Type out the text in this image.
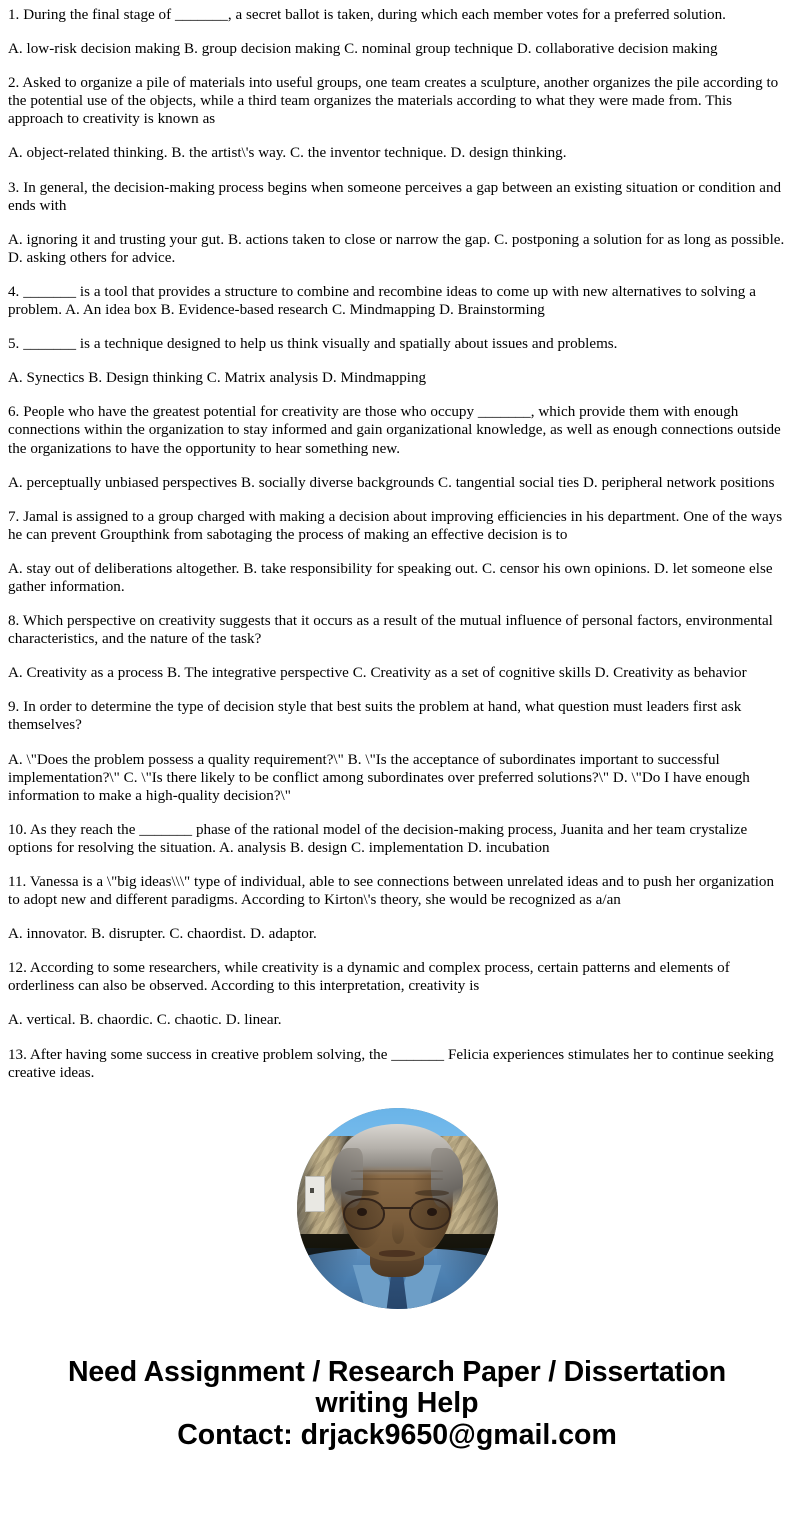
1. During the final stage of _______, a secret ballot is taken, during which each member votes for a preferred solution.

A. low-risk decision making B. group decision making C. nominal group technique D. collaborative decision making

2. Asked to organize a pile of materials into useful groups, one team creates a sculpture, another organizes the pile according to the potential use of the objects, while a third team organizes the materials according to what they were made from. This approach to creativity is known as

A. object-related thinking. B. the artist\'s way. C. the inventor technique. D. design thinking.

3. In general, the decision-making process begins when someone perceives a gap between an existing situation or condition and ends with

A. ignoring it and trusting your gut. B. actions taken to close or narrow the gap. C. postponing a solution for as long as possible. D. asking others for advice.

4. _______ is a tool that provides a structure to combine and recombine ideas to come up with new alternatives to solving a problem. A. An idea box B. Evidence-based research C. Mindmapping D. Brainstorming

5. _______ is a technique designed to help us think visually and spatially about issues and problems.

A. Synectics B. Design thinking C. Matrix analysis D. Mindmapping

6. People who have the greatest potential for creativity are those who occupy _______, which provide them with enough connections within the organization to stay informed and gain organizational knowledge, as well as enough connections outside the organizations to have the opportunity to hear something new.

A. perceptually unbiased perspectives B. socially diverse backgrounds C. tangential social ties D. peripheral network positions

7. Jamal is assigned to a group charged with making a decision about improving efficiencies in his department. One of the ways he can prevent Groupthink from sabotaging the process of making an effective decision is to

A. stay out of deliberations altogether. B. take responsibility for speaking out. C. censor his own opinions. D. let someone else gather information.

8. Which perspective on creativity suggests that it occurs as a result of the mutual influence of personal factors, environmental characteristics, and the nature of the task?

A. Creativity as a process B. The integrative perspective C. Creativity as a set of cognitive skills D. Creativity as behavior

9. In order to determine the type of decision style that best suits the problem at hand, what question must leaders first ask themselves?

A. \"Does the problem possess a quality requirement?\" B. \"Is the acceptance of subordinates important to successful implementation?\" C. \"Is there likely to be conflict among subordinates over preferred solutions?\" D. \"Do I have enough information to make a high-quality decision?\"

10. As they reach the _______ phase of the rational model of the decision-making process, Juanita and her team crystalize options for resolving the situation. A. analysis B. design C. implementation D. incubation

11. Vanessa is a \"big ideas\\\" type of individual, able to see connections between unrelated ideas and to push her organization to adopt new and different paradigms. According to Kirton\'s theory, she would be recognized as a/an

A. innovator. B. disrupter. C. chaordist. D. adaptor.

12. According to some researchers, while creativity is a dynamic and complex process, certain patterns and elements of orderliness can also be observed. According to this interpretation, creativity is

A. vertical. B. chaordic. C. chaotic. D. linear.

13. After having some success in creative problem solving, the _______ Felicia experiences stimulates her to continue seeking creative ideas.

Need Assignment / Research Paper / Dissertation
writing Help
Contact: drjack9650@gmail.com
